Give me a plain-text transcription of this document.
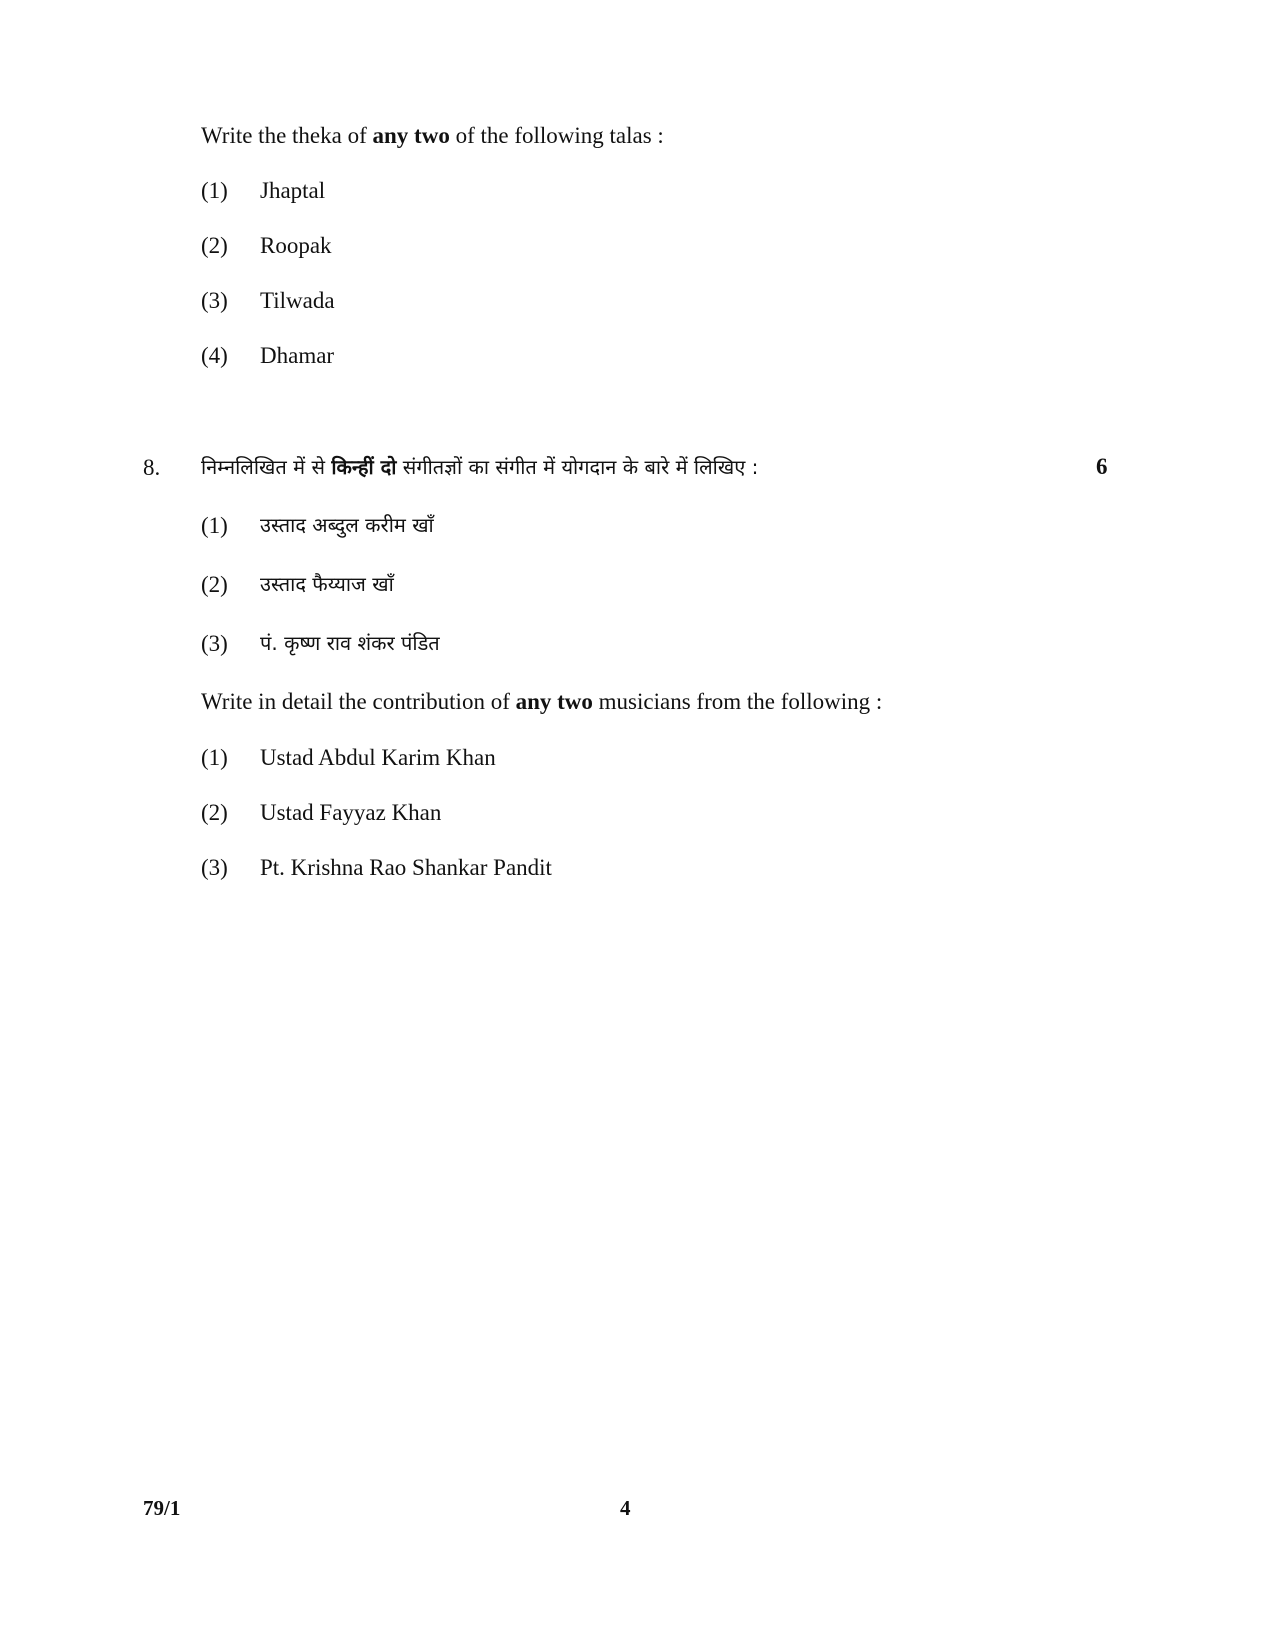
Write the theka of any two of the following talas :
(1) Jhaptal
(2) Roopak
(3) Tilwada
(4) Dhamar
8. निम्नलिखित में से किन्हीं दो संगीतज्ञों का संगीत में योगदान के बारे में लिखिए :	6
(1) उस्ताद अब्दुल करीम खाँ
(2) उस्ताद फैय्याज खाँ
(3) पं. कृष्ण राव शंकर पंडित
Write in detail the contribution of any two musicians from the following :
(1) Ustad Abdul Karim Khan
(2) Ustad Fayyaz Khan
(3) Pt. Krishna Rao Shankar Pandit
79/1	4
